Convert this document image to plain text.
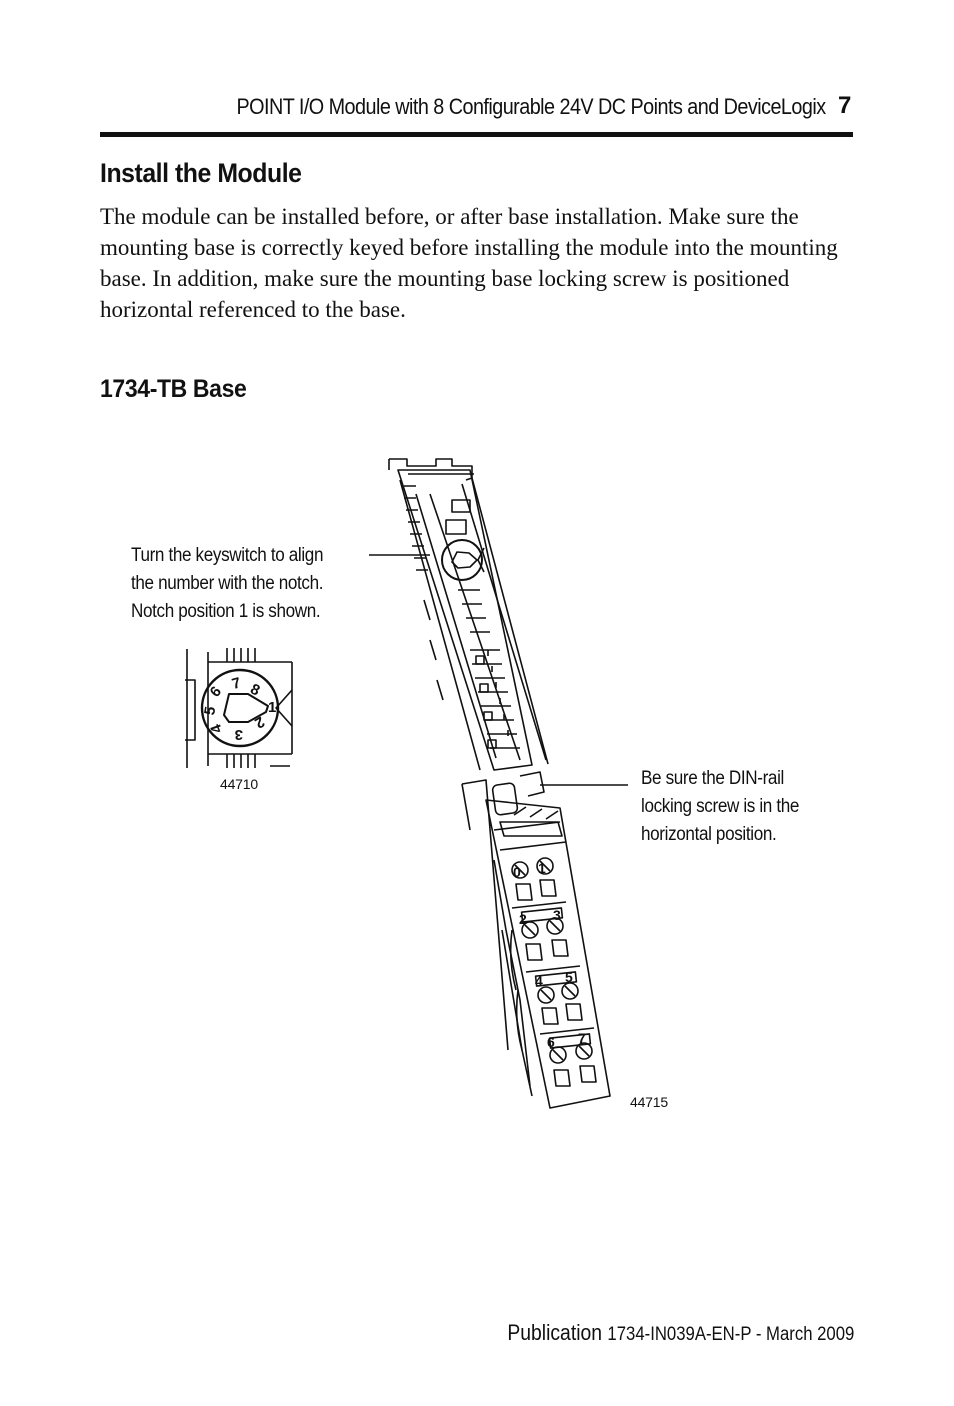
POINT I/O Module with 8 Configurable 24V DC Points and DeviceLogix 7
Install the Module
The module can be installed before, or after base installation. Make sure the mounting base is correctly keyed before installing the module into the mounting base. In addition, make sure the mounting base locking screw is positioned horizontal referenced to the base.
1734-TB Base
Turn the keyswitch to align
the number with the notch.
Notch position 1 is shown.
Be sure the DIN-rail
locking screw is in the
horizontal position.
44710
44715
1
2
3
4
5
6 7 8
0 1
2 3
4 5
6 7
Publication 1734-IN039A-EN-P - March 2009
